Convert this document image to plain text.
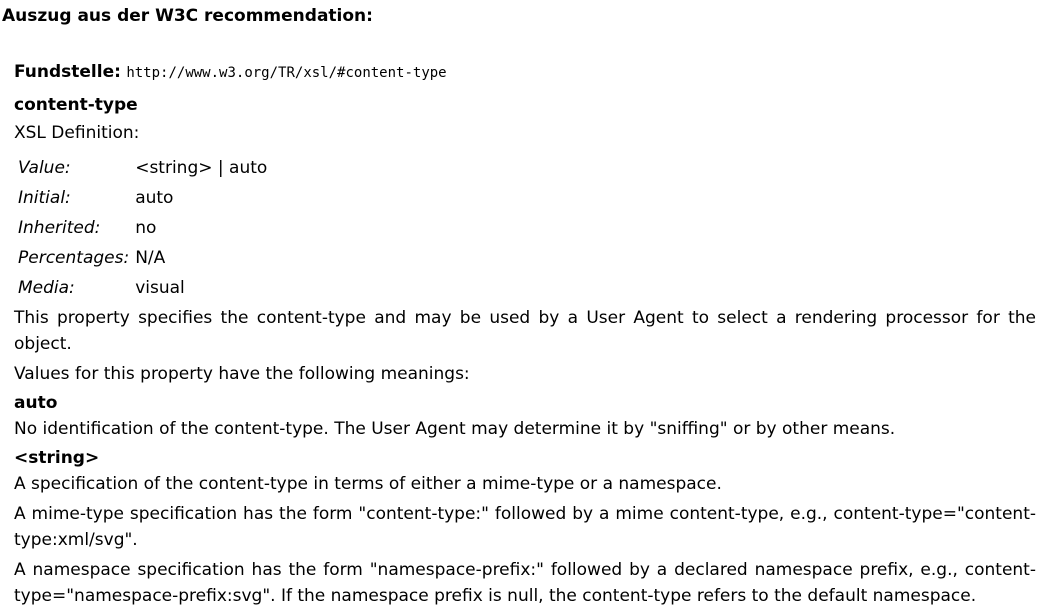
Auszug aus der W3C recommendation:
Fundstelle: http://www.w3.org/TR/xsl/#content-type
content-type
XSL Definition:
Value:	<string> | auto
Initial:	auto
Inherited:	no
Percentages:	N/A
Media:	visual
This property specifies the content-type and may be used by a User Agent to select a rendering processor for the object.
Values for this property have the following meanings:
auto
No identification of the content-type. The User Agent may determine it by "sniffing" or by other means.
<string>
A specification of the content-type in terms of either a mime-type or a namespace.
A mime-type specification has the form "content-type:" followed by a mime content-type, e.g., content-type="content-type:xml/svg".
A namespace specification has the form "namespace-prefix:" followed by a declared namespace prefix, e.g., content-type="namespace-prefix:svg". If the namespace prefix is null, the content-type refers to the default namespace.
